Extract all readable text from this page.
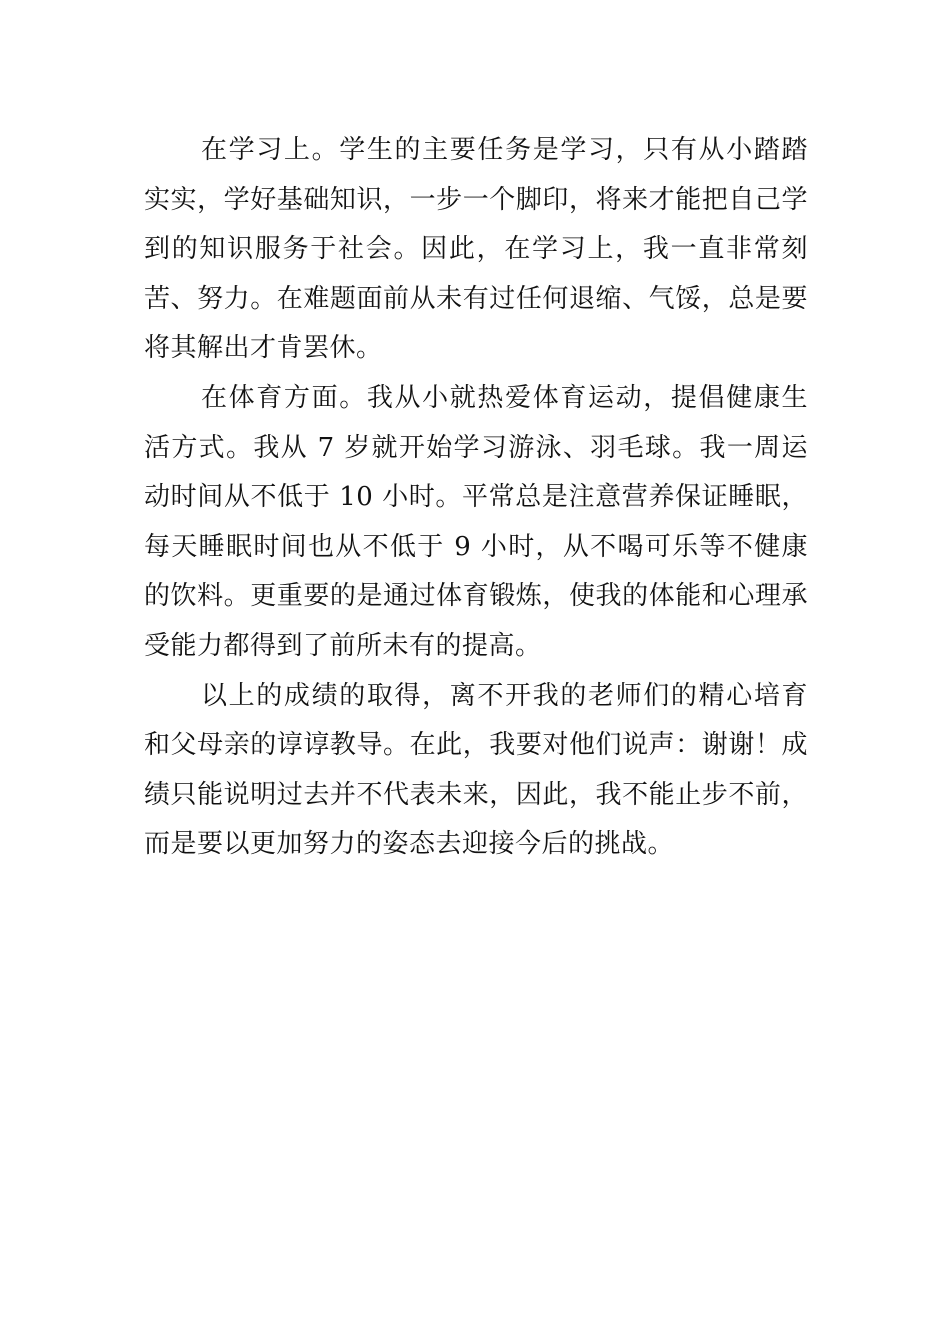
在学习上。学生的主要任务是学习，只有从小踏踏实实，学好基础知识，一步一个脚印，将来才能把自己学到的知识服务于社会。因此，在学习上，我一直非常刻苦、努力。在难题面前从未有过任何退缩、气馁，总是要将其解出才肯罢休。

在体育方面。我从小就热爱体育运动，提倡健康生活方式。我从 7 岁就开始学习游泳、羽毛球。我一周运动时间从不低于 10 小时。平常总是注意营养保证睡眠，每天睡眠时间也从不低于 9 小时，从不喝可乐等不健康的饮料。更重要的是通过体育锻炼，使我的体能和心理承受能力都得到了前所未有的提高。

以上的成绩的取得，离不开我的老师们的精心培育和父母亲的谆谆教导。在此，我要对他们说声：谢谢！成绩只能说明过去并不代表未来，因此，我不能止步不前，而是要以更加努力的姿态去迎接今后的挑战。
